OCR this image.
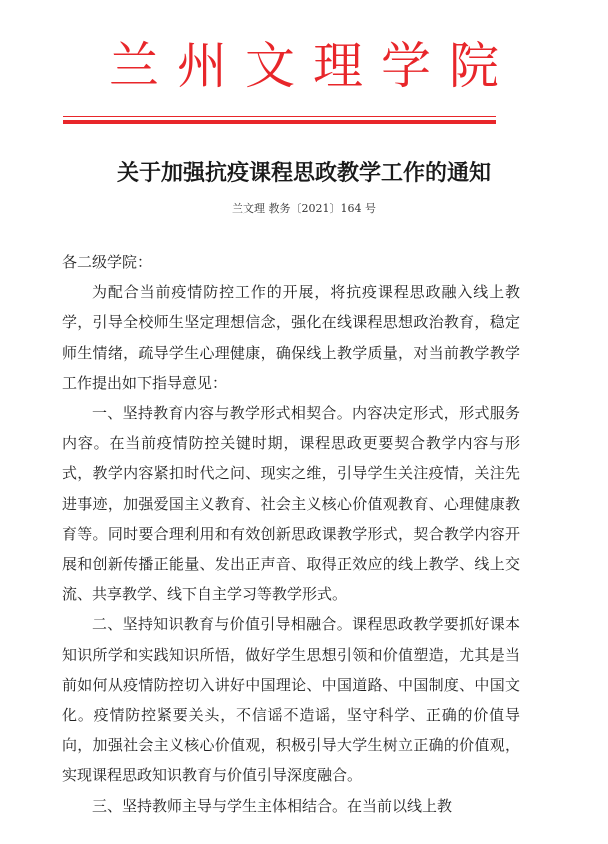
兰州文理学院
关于加强抗疫课程思政教学工作的通知
兰文理 教务〔2021〕164 号

各二级学院：

为配合当前疫情防控工作的开展，将抗疫课程思政融入线上教学，引导全校师生坚定理想信念，强化在线课程思想政治教育，稳定师生情绪，疏导学生心理健康，确保线上教学质量，对当前教学教学工作提出如下指导意见：

一、坚持教育内容与教学形式相契合。内容决定形式，形式服务内容。在当前疫情防控关键时期，课程思政更要契合教学内容与形式，教学内容紧扣时代之问、现实之维，引导学生关注疫情，关注先进事迹，加强爱国主义教育、社会主义核心价值观教育、心理健康教育等。同时要合理利用和有效创新思政课教学形式，契合教学内容开展和创新传播正能量、发出正声音、取得正效应的线上教学、线上交流、共享教学、线下自主学习等教学形式。

二、坚持知识教育与价值引导相融合。课程思政教学要抓好课本知识所学和实践知识所悟，做好学生思想引领和价值塑造，尤其是当前如何从疫情防控切入讲好中国理论、中国道路、中国制度、中国文化。疫情防控紧要关头，不信谣不造谣，坚守科学、正确的价值导向，加强社会主义核心价值观，积极引导大学生树立正确的价值观，实现课程思政知识教育与价值引导深度融合。

三、坚持教师主导与学生主体相结合。在当前以线上教
